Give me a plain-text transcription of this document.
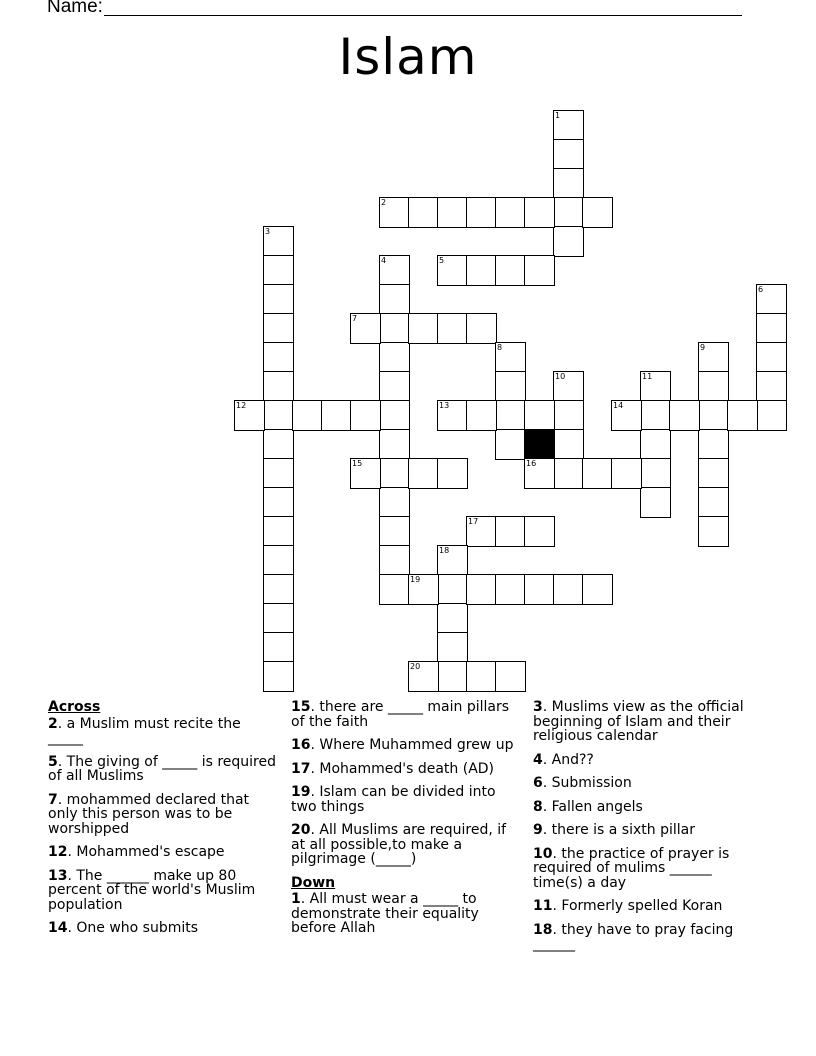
Name:
Islam
1
2
3
4	5
6
7
8	9
10	11
12	13	14
15	16
17
18
19
20
Across
2. a Muslim must recite the _____
5. The giving of _____ is required of all Muslims
7. mohammed declared that only this person was to be worshipped
12. Mohammed's escape
13. The ______ make up 80 percent of the world's Muslim population
14. One who submits
15. there are _____ main pillars of the faith
16. Where Muhammed grew up
17. Mohammed's death (AD)
19. Islam can be divided into two things
20. All Muslims are required, if at all possible,to make a pilgrimage (_____)
Down
1. All must wear a _____ to demonstrate their equality before Allah
3. Muslims view as the official beginning of Islam and their religious calendar
4. And??
6. Submission
8. Fallen angels
9. there is a sixth pillar
10. the practice of prayer is required of mulims ______ time(s) a day
11. Formerly spelled Koran
18. they have to pray facing ______
